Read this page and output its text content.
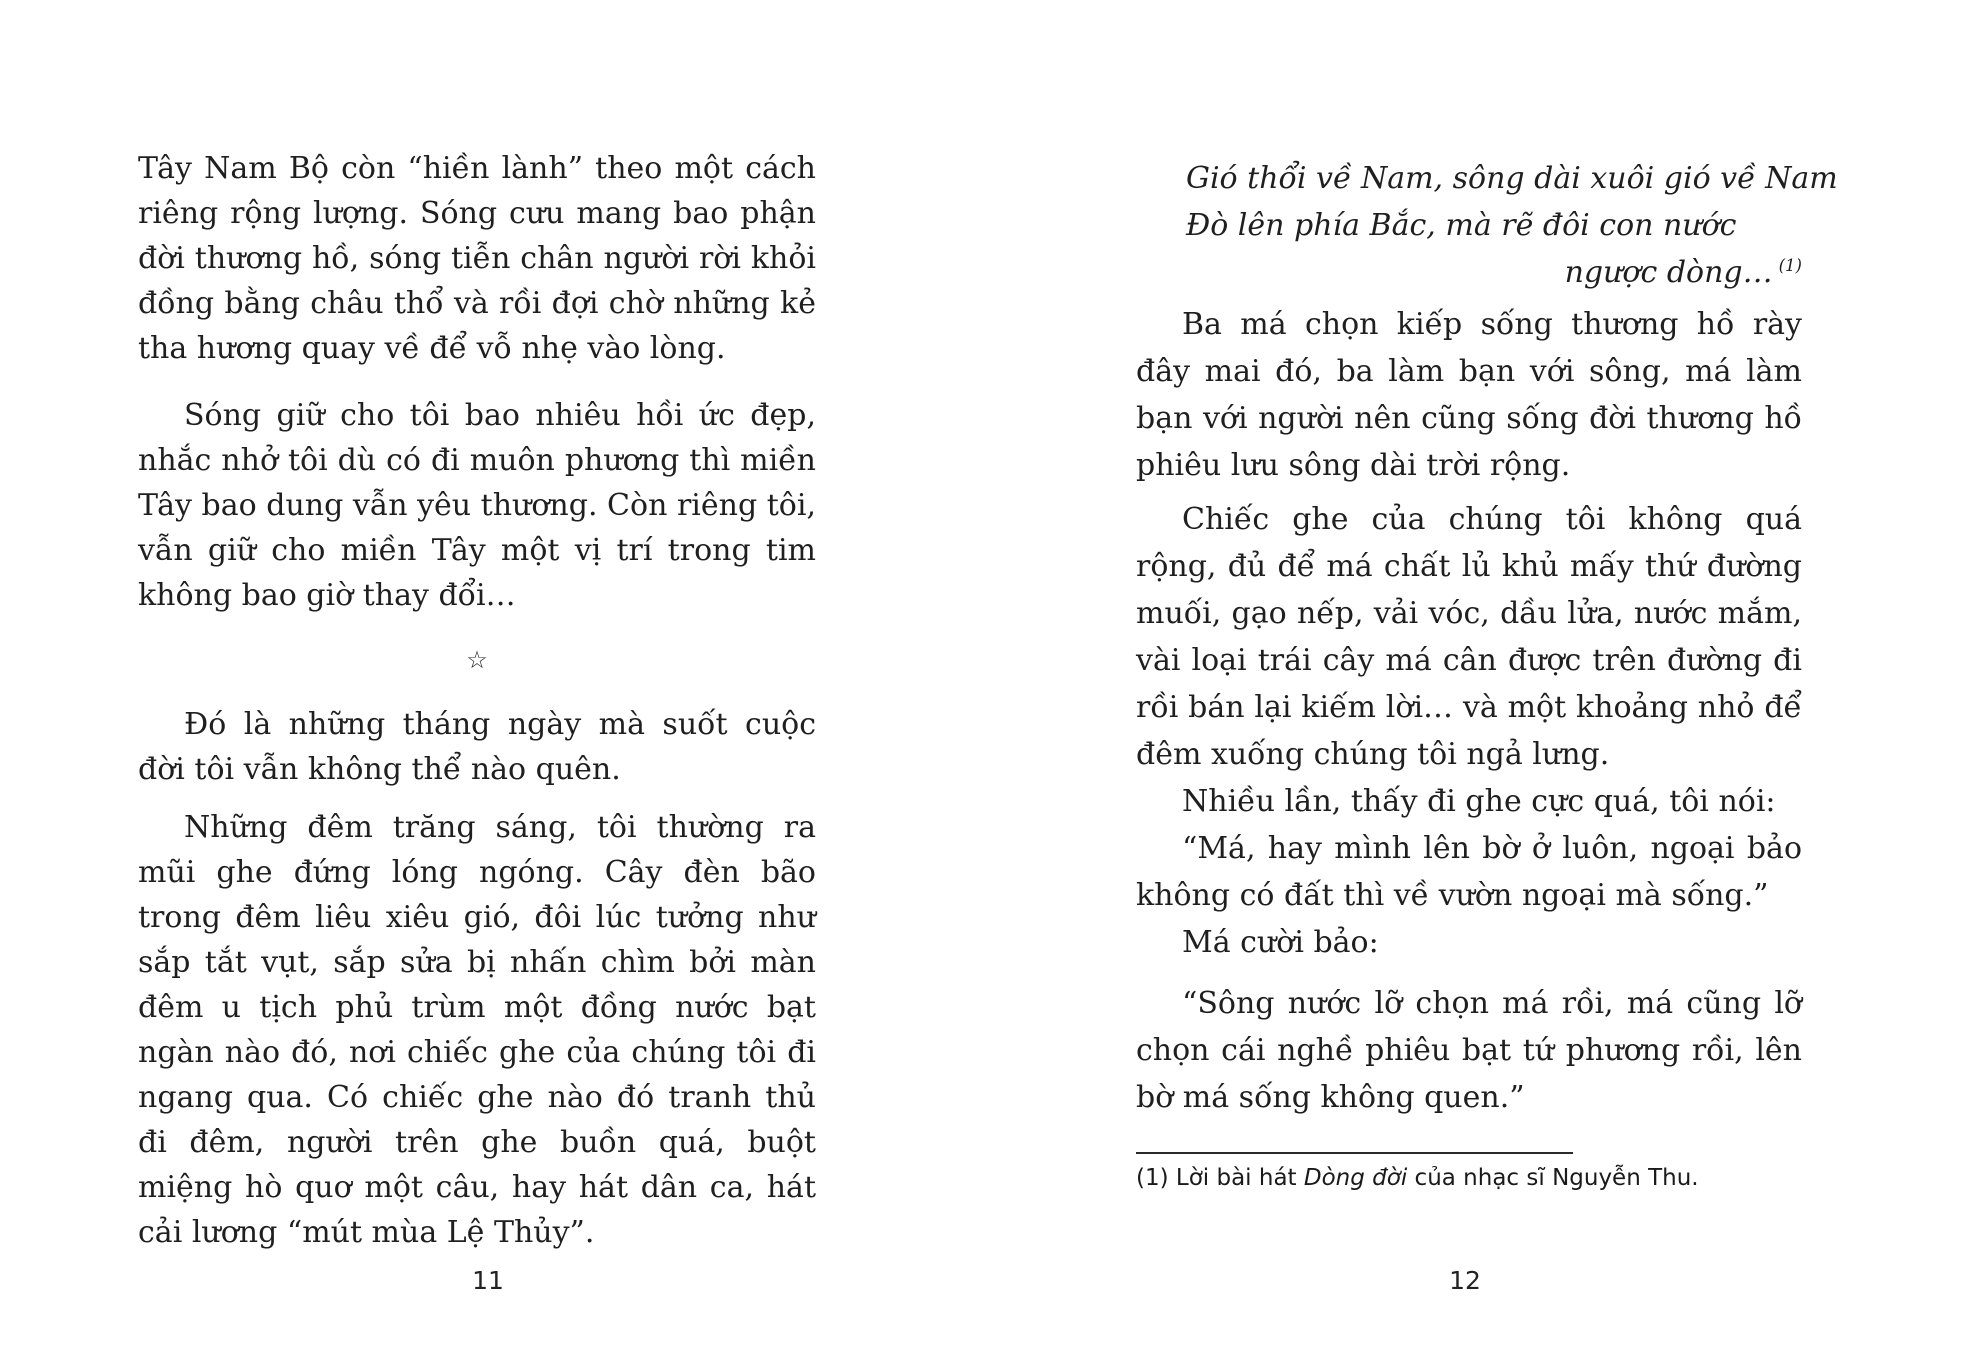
Tây Nam Bộ còn “hiền lành” theo một cách riêng rộng lượng. Sóng cưu mang bao phận đời thương hồ, sóng tiễn chân người rời khỏi đồng bằng châu thổ và rồi đợi chờ những kẻ tha hương quay về để vỗ nhẹ vào lòng.

Sóng giữ cho tôi bao nhiêu hồi ức đẹp, nhắc nhở tôi dù có đi muôn phương thì miền Tây bao dung vẫn yêu thương. Còn riêng tôi, vẫn giữ cho miền Tây một vị trí trong tim không bao giờ thay đổi…

☆

Đó là những tháng ngày mà suốt cuộc đời tôi vẫn không thể nào quên.

Những đêm trăng sáng, tôi thường ra mũi ghe đứng lóng ngóng. Cây đèn bão trong đêm liêu xiêu gió, đôi lúc tưởng như sắp tắt vụt, sắp sửa bị nhấn chìm bởi màn đêm u tịch phủ trùm một đồng nước bạt ngàn nào đó, nơi chiếc ghe của chúng tôi đi ngang qua. Có chiếc ghe nào đó tranh thủ đi đêm, người trên ghe buồn quá, buột miệng hò quơ một câu, hay hát dân ca, hát cải lương “mút mùa Lệ Thủy”.

Gió thổi về Nam, sông dài xuôi gió về Nam
Đò lên phía Bắc, mà rẽ đôi con nước
ngược dòng… $^{(1)}$

Ba má chọn kiếp sống thương hồ rày đây mai đó, ba làm bạn với sông, má làm bạn với người nên cũng sống đời thương hồ phiêu lưu sông dài trời rộng.

Chiếc ghe của chúng tôi không quá rộng, đủ để má chất lủ khủ mấy thứ đường muối, gạo nếp, vải vóc, dầu lửa, nước mắm, vài loại trái cây má cân được trên đường đi rồi bán lại kiếm lời… và một khoảng nhỏ để đêm xuống chúng tôi ngả lưng.

Nhiều lần, thấy đi ghe cực quá, tôi nói:

“Má, hay mình lên bờ ở luôn, ngoại bảo không có đất thì về vườn ngoại mà sống.”

Má cười bảo:

“Sông nước lỡ chọn má rồi, má cũng lỡ chọn cái nghề phiêu bạt tứ phương rồi, lên bờ má sống không quen.”

(1) Lời bài hát Dòng đời của nhạc sĩ Nguyễn Thu.
11	12
